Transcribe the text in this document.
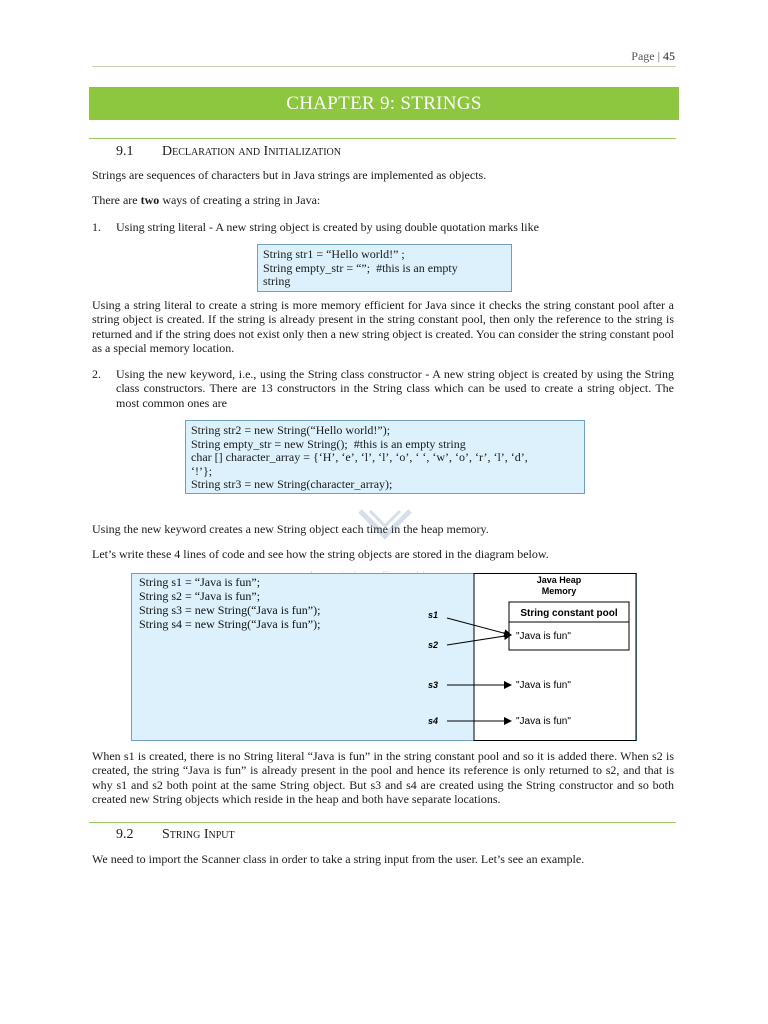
Page | 45
CHAPTER 9: STRINGS
9.1 Declaration and Initialization
Strings are sequences of characters but in Java strings are implemented as objects.
There are two ways of creating a string in Java:
1. Using string literal - A new string object is created by using double quotation marks like
String str1 = “Hello world!” ;
String empty_str = “”;  #this is an empty
string
Using a string literal to create a string is more memory efficient for Java since it checks the string constant pool after a string object is created. If the string is already present in the string constant pool, then only the reference to the string is returned and if the string does not exist only then a new string object is created. You can consider the string constant pool as a special memory location.
2. Using the new keyword, i.e., using the String class constructor - A new string object is created by using the String class constructors. There are 13 constructors in the String class which can be used to create a string object. The most common ones are
String str2 = new String(“Hello world!”);
String empty_str = new String();  #this is an empty string
char [] character_array = {‘H’, ‘e’, ‘l’, ‘l’, ‘o’, ‘ ‘, ‘w’, ‘o’, ‘r’, ‘l’, ‘d’,
‘!’};
String str3 = new String(character_array);
Using the new keyword creates a new String object each time in the heap memory.
Let’s write these 4 lines of code and see how the string objects are stored in the diagram below.
String s1 = “Java is fun”;
String s2 = “Java is fun”;
String s3 = new String(“Java is fun”);
String s4 = new String(“Java is fun”);
Java Heap
Memory
String constant pool
"Java is fun"
s1
s2
s3
s4
"Java is fun"
"Java is fun"
When s1 is created, there is no String literal “Java is fun” in the string constant pool and so it is added there. When s2 is created, the string “Java is fun” is already present in the pool and hence its reference is only returned to s2, and that is why s1 and s2 both point at the same String object. But s3 and s4 are created using the String constructor and so both created new String objects which reside in the heap and both have separate locations.
9.2 String Input
We need to import the Scanner class in order to take a string input from the user. Let’s see an example.
